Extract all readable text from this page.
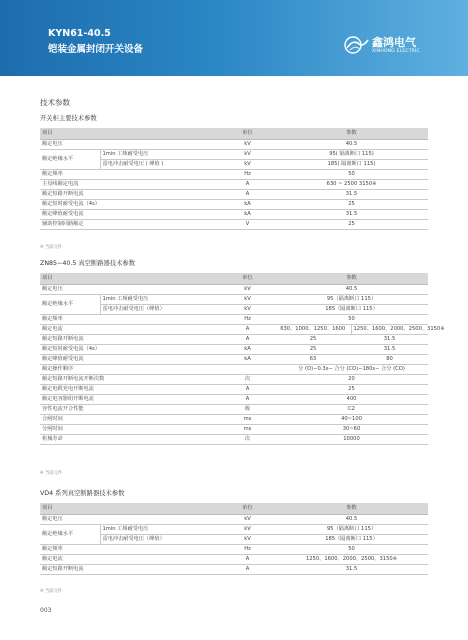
KYN61-40.5
铠装金属封闭开关设备
鑫鸿电气
XINHONG ELECTRIC
技术参数
开关柜主要技术参数
项目		单位	参数
额定电压		kV	40.5
额定绝缘水平	1min 工频耐受电压	kV	95( 隔离断口 115)
	雷电冲击耐受电压 ( 峰值 )	kV	185( 隔离断口 115)
额定频率		Hz	50
主母线额定电流		A	630 ~ 2500 3150※
额定短路开断电流		A	31.5
额定短时耐受电流（4s）		kA	25
额定峰值耐受电流		kA	31.5
辅助控制回路额定		V	25
※ 当前元件
ZN85−40.5 真空断路器技术参数
项目		单位	参数	
额定电压		kV	40.5	
额定绝缘水平	1min 工频耐受电压	kV	95（隔离断口 115）	
	雷电冲击耐受电压（峰值）	kV	185（隔离断口 115）	
额定频率		Hz	50	
额定电流		A	630、1000、1250、1600	1250、1600、2000、2500、3150※
额定短路开断电流		A	25	31.5
额定短时耐受电流（4s）		kA	25	31.5
额定峰值耐受电流		kA	63	80
额定操作顺序			分 (O)−0.3s− 合分 (CO)−180s− 合分 (CO)	
额定短路开断电流开断次数		次	20	
额定电缆充电开断电流		A	25	
额定电容器组开断电流		A	400	
容性电流开合性能		级	C2	
合闸时间		ms	40~100	
分闸时间		ms	30~60	
机械寿命		次	10000	
※ 当前元件
VD4 系列真空断路器技术参数
项目		单位	参数
额定电压		kV	40.5
额定绝缘水平	1min 工频耐受电压	kV	95（隔离断口 115）
	雷电冲击耐受电压（峰值）	kV	185（隔离断口 115）
额定频率		Hz	50
额定电流		A	1250、1600、2000、2500、3150※
额定短路开断电流		A	31.5
※ 当前元件
003
